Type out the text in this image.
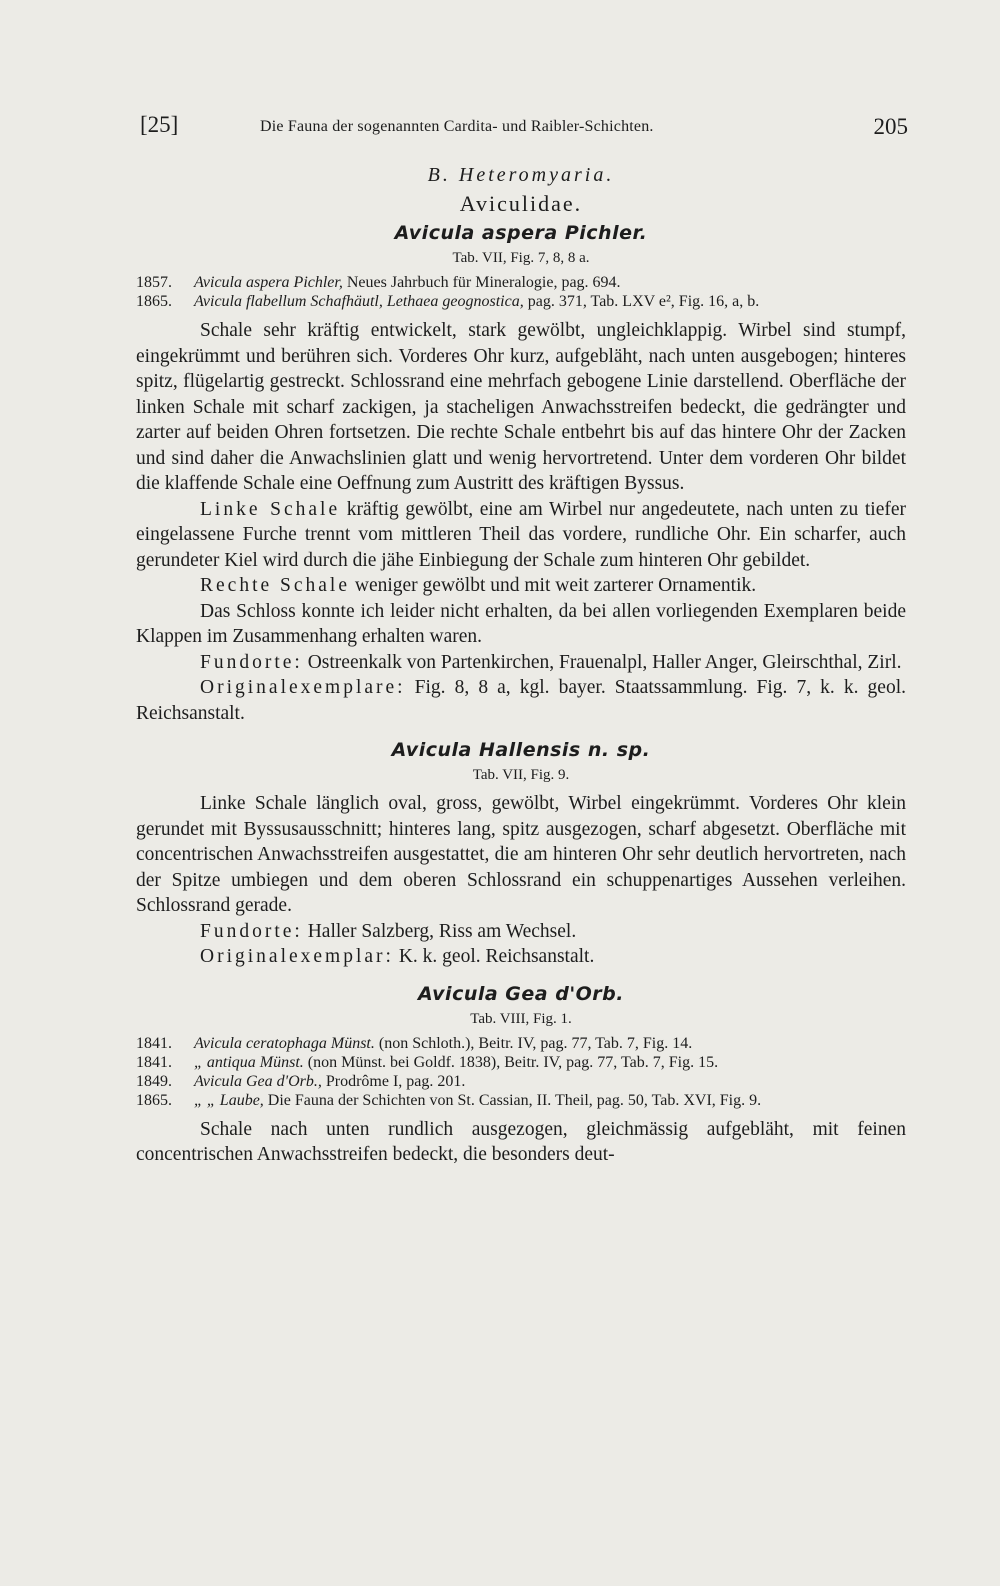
[25]	Die Fauna der sogenannten Cardita- und Raibler-Schichten.	205
B. Heteromyaria.
Aviculidae.
Avicula aspera Pichler.
Tab. VII, Fig. 7, 8, 8 a.
1857. Avicula aspera Pichler, Neues Jahrbuch für Mineralogie, pag. 694.
1865. Avicula flabellum Schafhäutl, Lethaea geognostica, pag. 371, Tab. LXV e², Fig. 16, a, b.

Schale sehr kräftig entwickelt, stark gewölbt, ungleichklappig. Wirbel sind stumpf, eingekrümmt und berühren sich. Vorderes Ohr kurz, aufgebläht, nach unten ausgebogen; hinteres spitz, flügelartig gestreckt. Schlossrand eine mehrfach gebogene Linie darstellend. Oberfläche der linken Schale mit scharf zackigen, ja stacheligen Anwachsstreifen bedeckt, die gedrängter und zarter auf beiden Ohren fortsetzen. Die rechte Schale entbehrt bis auf das hintere Ohr der Zacken und sind daher die Anwachslinien glatt und wenig hervortretend. Unter dem vorderen Ohr bildet die klaffende Schale eine Oeffnung zum Austritt des kräftigen Byssus.

Linke Schale kräftig gewölbt, eine am Wirbel nur angedeutete, nach unten zu tiefer eingelassene Furche trennt vom mittleren Theil das vordere, rundliche Ohr. Ein scharfer, auch gerundeter Kiel wird durch die jähe Einbiegung der Schale zum hinteren Ohr gebildet.

Rechte Schale weniger gewölbt und mit weit zarterer Ornamentik.

Das Schloss konnte ich leider nicht erhalten, da bei allen vorliegenden Exemplaren beide Klappen im Zusammenhang erhalten waren.

Fundorte: Ostreenkalk von Partenkirchen, Frauenalpl, Haller Anger, Gleirschthal, Zirl.

Originalexemplare: Fig. 8, 8 a, kgl. bayer. Staatssammlung. Fig. 7, k. k. geol. Reichsanstalt.

Avicula Hallensis n. sp.
Tab. VII, Fig. 9.

Linke Schale länglich oval, gross, gewölbt, Wirbel eingekrümmt. Vorderes Ohr klein gerundet mit Byssusausschnitt; hinteres lang, spitz ausgezogen, scharf abgesetzt. Oberfläche mit concentrischen Anwachsstreifen ausgestattet, die am hinteren Ohr sehr deutlich hervortreten, nach der Spitze umbiegen und dem oberen Schlossrand ein schuppenartiges Aussehen verleihen. Schlossrand gerade.

Fundorte: Haller Salzberg, Riss am Wechsel.

Originalexemplar: K. k. geol. Reichsanstalt.

Avicula Gea d'Orb.
Tab. VIII, Fig. 1.
1841. Avicula ceratophaga Münst. (non Schloth.), Beitr. IV, pag. 77, Tab. 7, Fig. 14.
1841. „ antiqua Münst. (non Münst. bei Goldf. 1838), Beitr. IV, pag. 77, Tab. 7, Fig. 15.
1849. Avicula Gea d'Orb., Prodrôme I, pag. 201.
1865. „ „ Laube, Die Fauna der Schichten von St. Cassian, II. Theil, pag. 50, Tab. XVI, Fig. 9.

Schale nach unten rundlich ausgezogen, gleichmässig aufgebläht, mit feinen concentrischen Anwachsstreifen bedeckt, die besonders deut-
